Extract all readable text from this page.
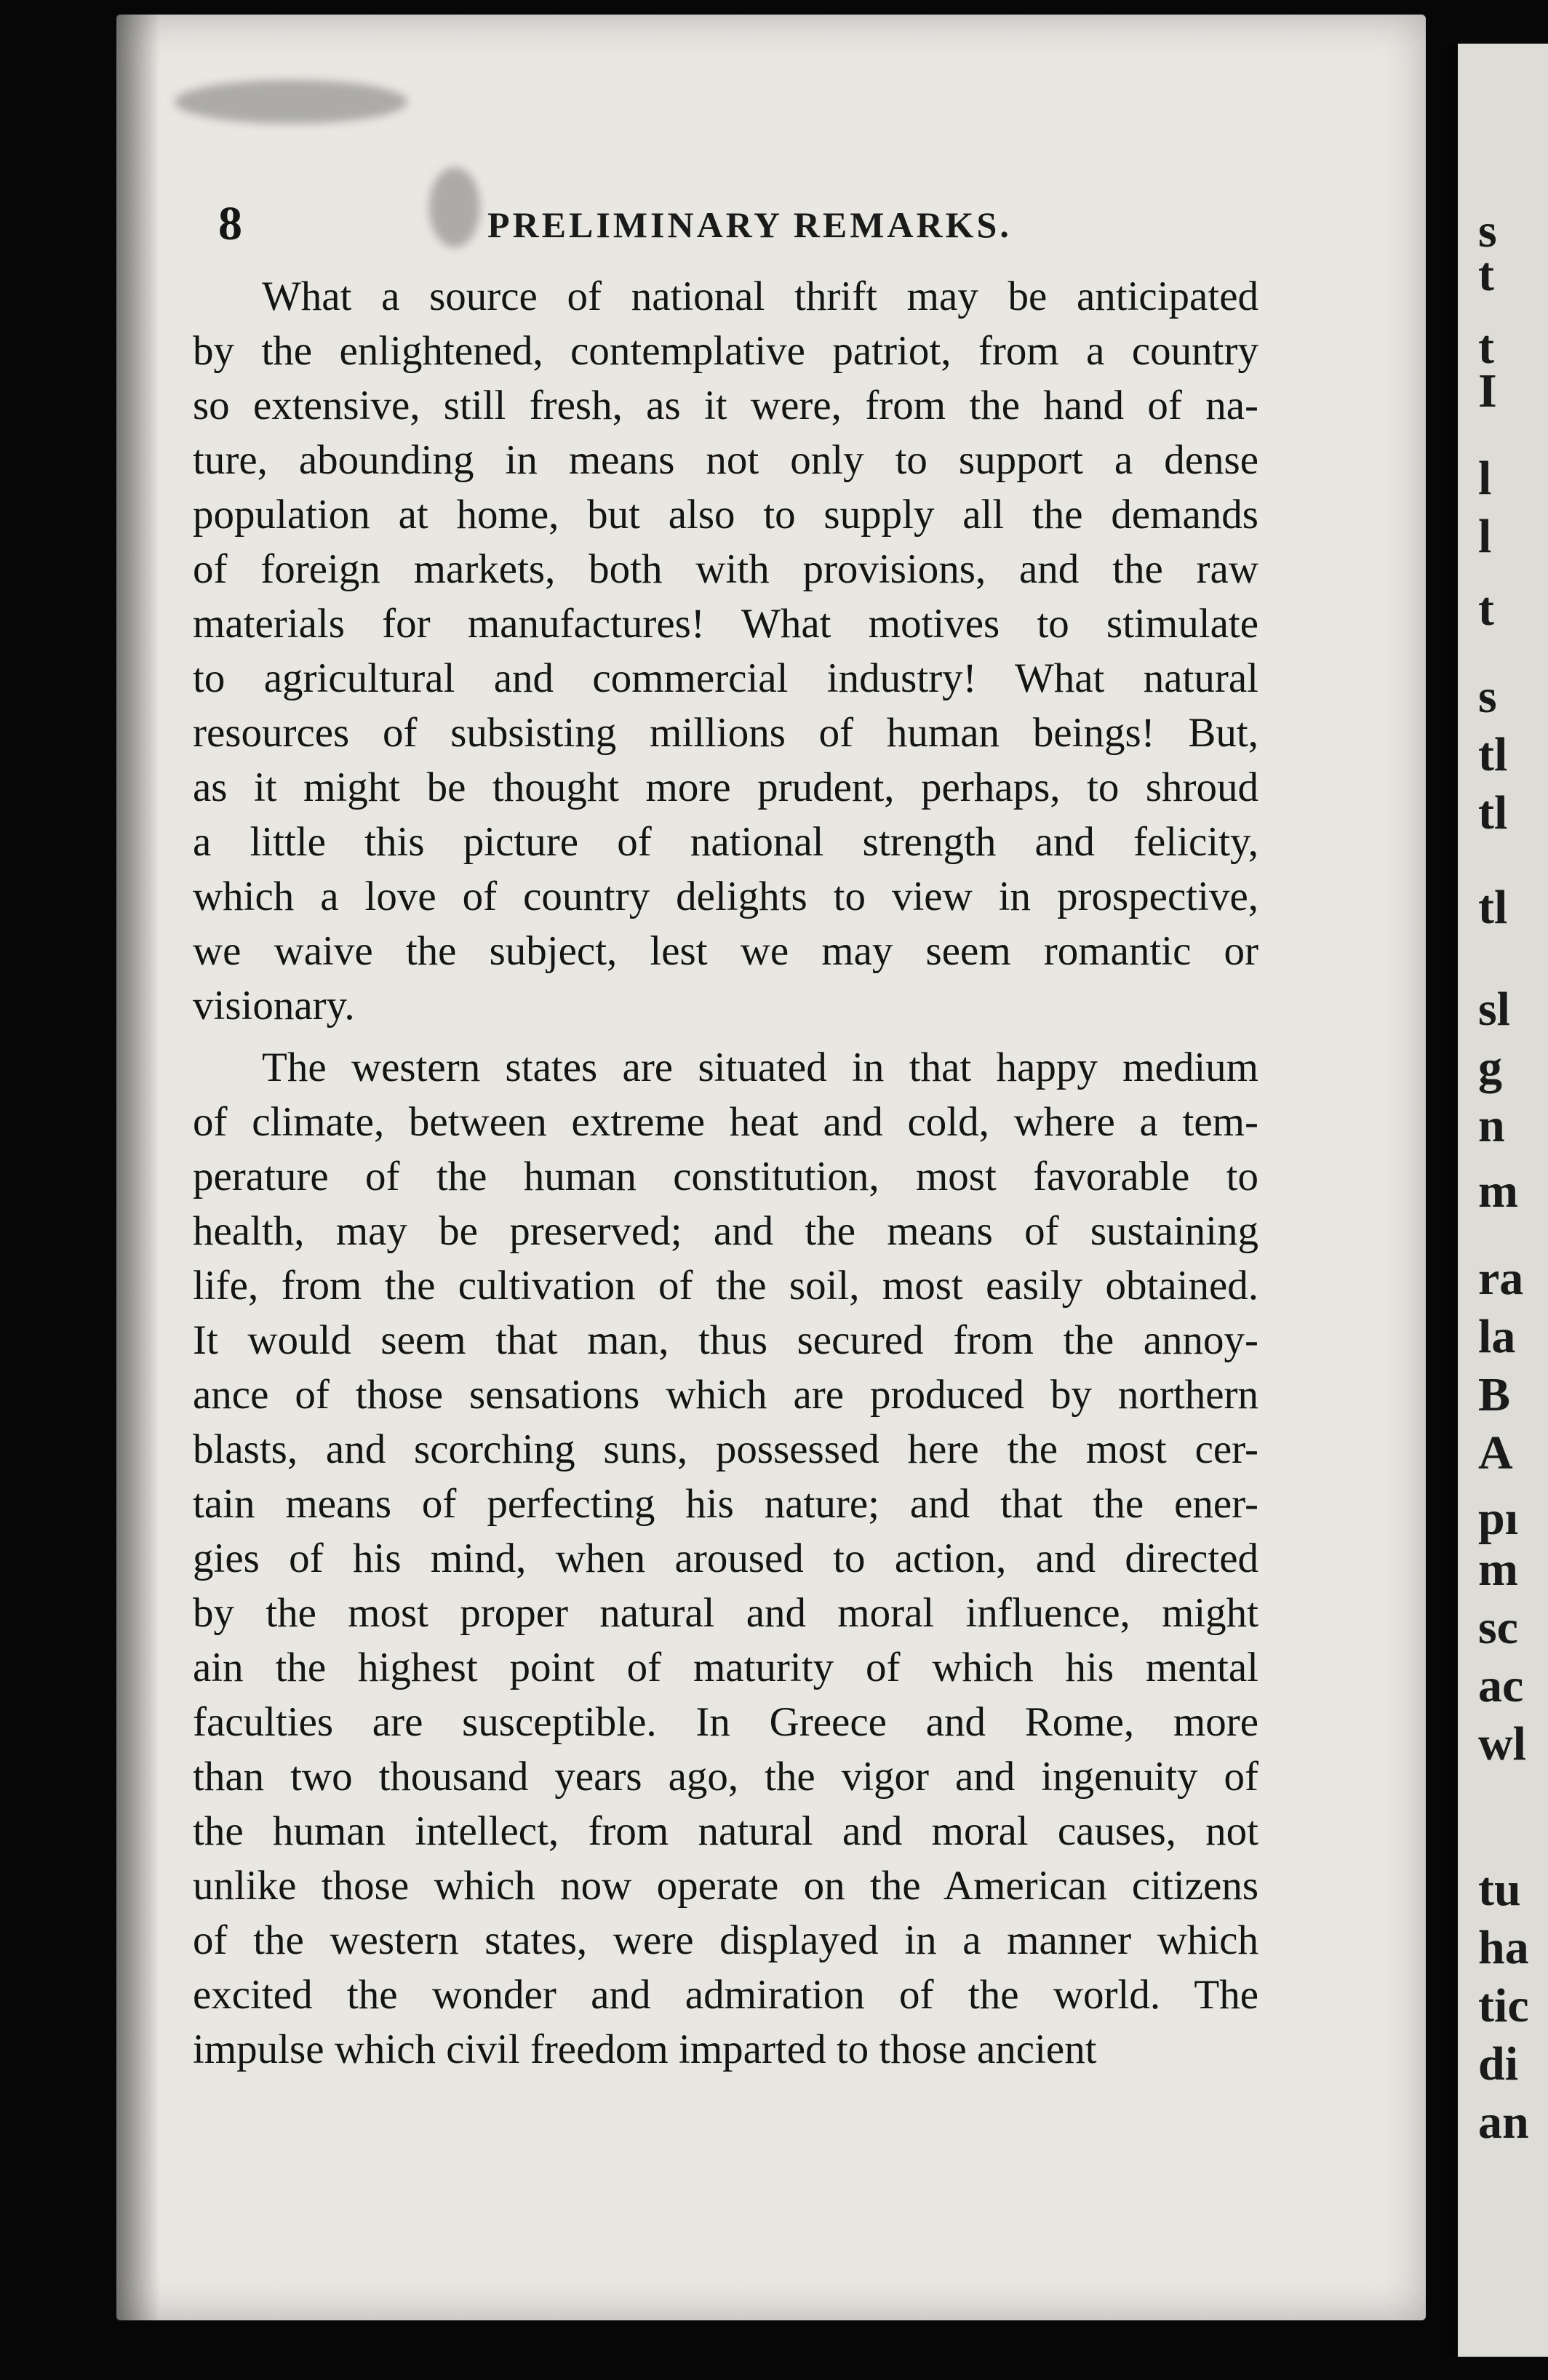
8	PRELIMINARY REMARKS.
What a source of national thrift may be anticipated
by the enlightened, contemplative patriot, from a country
so extensive, still fresh, as it were, from the hand of na-
ture, abounding in means not only to support a dense
population at home, but also to supply all the demands
of foreign markets, both with provisions, and the raw
materials for manufactures! What motives to stimulate
to agricultural and commercial industry! What natural
resources of subsisting millions of human beings! But,
as it might be thought more prudent, perhaps, to shroud
a little this picture of national strength and felicity,
which a love of country delights to view in prospective,
we waive the subject, lest we may seem romantic or
visionary.
The western states are situated in that happy medium
of climate, between extreme heat and cold, where a tem-
perature of the human constitution, most favorable to
health, may be preserved; and the means of sustaining
life, from the cultivation of the soil, most easily obtained.
It would seem that man, thus secured from the annoy-
ance of those sensations which are produced by northern
blasts, and scorching suns, possessed here the most cer-
tain means of perfecting his nature; and that the ener-
gies of his mind, when aroused to action, and directed
by the most proper natural and moral influence, might
ain the highest point of maturity of which his mental
faculties are susceptible. In Greece and Rome, more
than two thousand years ago, the vigor and ingenuity of
the human intellect, from natural and moral causes, not
unlike those which now operate on the American citizens
of the western states, were displayed in a manner which
excited the wonder and admiration of the world. The
impulse which civil freedom imparted to those ancient
s
t
t
I
l
l
t
s
tl
tl
tl
sl
g
n
m
ra
la
B
A
pı
m
sc
ac
wl
tu
ha
tic
di
an
